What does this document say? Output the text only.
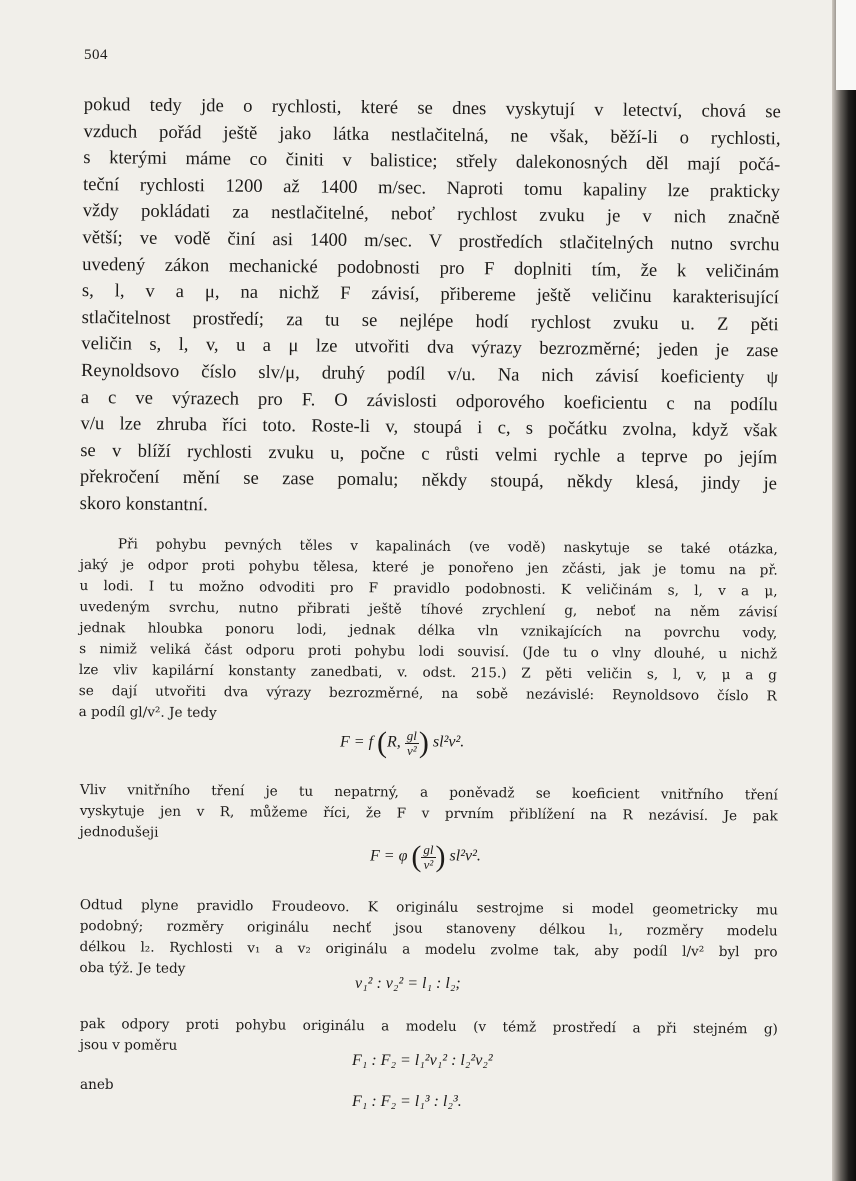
504
pokud tedy jde o rychlosti, které se dnes vyskytují v letectví, chová se
vzduch pořád ještě jako látka nestlačitelná, ne však, běží-li o rychlosti,
s kterými máme co činiti v balistice; střely dalekonosných děl mají počá-
teční rychlosti 1200 až 1400 m/sec. Naproti tomu kapaliny lze prakticky
vždy pokládati za nestlačitelné, neboť rychlost zvuku je v nich značně
větší; ve vodě činí asi 1400 m/sec. V prostředích stlačitelných nutno svrchu
uvedený zákon mechanické podobnosti pro F doplniti tím, že k veličinám
s, l, v a μ, na nichž F závisí, přibereme ještě veličinu karakterisující
stlačitelnost prostředí; za tu se nejlépe hodí rychlost zvuku u. Z pěti
veličin s, l, v, u a μ lze utvořiti dva výrazy bezrozměrné; jeden je zase
Reynoldsovo číslo slv/μ, druhý podíl v/u. Na nich závisí koeficienty ψ
a c ve výrazech pro F. O závislosti odporového koeficientu c na podílu
v/u lze zhruba říci toto. Roste-li v, stoupá i c, s počátku zvolna, když však
se v blíží rychlosti zvuku u, počne c růsti velmi rychle a teprve po jejím
překročení mění se zase pomalu; někdy stoupá, někdy klesá, jindy je
skoro konstantní.
Při pohybu pevných těles v kapalinách (ve vodě) naskytuje se také otázka,
jaký je odpor proti pohybu tělesa, které je ponořeno jen zčásti, jak je tomu na př.
u lodi. I tu možno odvoditi pro F pravidlo podobnosti. K veličinám s, l, v a μ,
uvedeným svrchu, nutno přibrati ještě tíhové zrychlení g, neboť na něm závisí
jednak hloubka ponoru lodi, jednak délka vln vznikajících na povrchu vody,
s nimiž veliká část odporu proti pohybu lodi souvisí. (Jde tu o vlny dlouhé, u nichž
lze vliv kapilární konstanty zanedbati, v. odst. 215.) Z pěti veličin s, l, v, μ a g
se dají utvořiti dva výrazy bezrozměrné, na sobě nezávislé: Reynoldsovo číslo R
a podíl gl/v². Je tedy
F = f (R, $\frac{gl}{\text{v²}}$ ) sl²v².
Vliv vnitřního tření je tu nepatrný, a poněvadž se koeficient vnitřního tření
vyskytuje jen v R, můžeme říci, že F v prvním přiblížení na R nezávisí. Je pak
jednodušeji
F = φ ( $\frac{gl}{\text{v²}}$ ) sl²v².
Odtud plyne pravidlo Froudeovo. K originálu sestrojme si model geometricky mu
podobný; rozměry originálu nechť jsou stanoveny délkou l₁, rozměry modelu
délkou l₂. Rychlosti v₁ a v₂ originálu a modelu zvolme tak, aby podíl l/v² byl pro
oba týž. Je tedy
v₁² : v₂² = l₁ : l₂;
pak odpory proti pohybu originálu a modelu (v témž prostředí a při stejném g)
jsou v poměru
F₁ : F₂ = l₁²v₁² : l₂²v₂²
aneb
F₁ : F₂ = l₁³ : l₂³.
